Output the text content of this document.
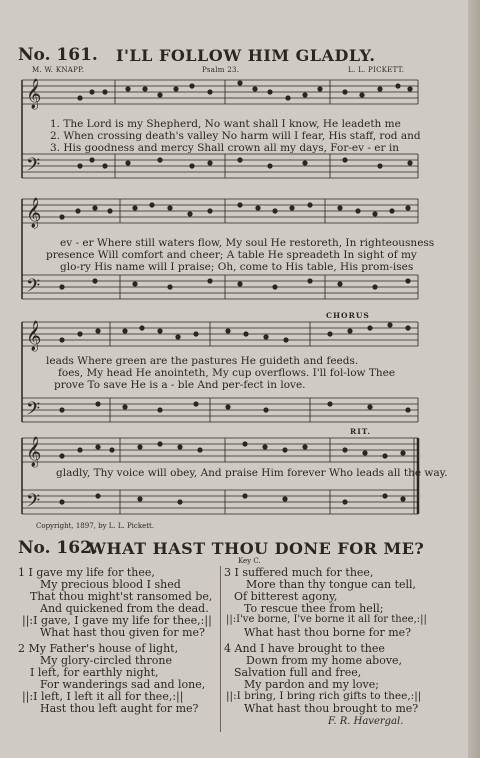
No. 161. I'LL FOLLOW HIM GLADLY.
M. W. KNAPP.	Psalm 23.	L. L. PICKETT.
𝄞
𝄢
1. The Lord is my Shepherd, No want shall I know, He leadeth me
2. When crossing death's valley No harm will I fear, His staff, rod and
3. His goodness and mercy Shall crown all my days, For-ev - er in
𝄞
𝄢
ev - er Where still waters flow, My soul He restoreth, In righteousness
presence Will comfort and cheer; A table He spreadeth In sight of my
glo-ry His name will I praise; Oh, come to His table, His prom-ises
CHORUS
𝄞
𝄢
leads Where green are the pastures He guideth and feeds.
foes, My head He anointeth, My cup overflows. I'll fol-low Thee
prove To save He is a - ble And per-fect in love.
RIT.
𝄞
𝄢
gladly, Thy voice will obey, And praise Him forever Who leads all the way.
Copyright, 1897, by L. L. Pickett.
No. 162.
WHAT HAST THOU DONE FOR ME?
Key C.
1 I gave my life for thee,
My precious blood I shed
That thou might'st ransomed be,
And quickened from the dead.
||:I gave, I gave my life for thee,:||
What hast thou given for me?
2 My Father's house of light,
My glory-circled throne
I left, for earthly night,
For wanderings sad and lone,
||:I left, I left it all for thee,:||
Hast thou left aught for me?
3 I suffered much for thee,
More than thy tongue can tell,
Of bitterest agony,
To rescue thee from hell;
||:I've borne, I've borne it all for thee,:||
What hast thou borne for me?
4 And I have brought to thee
Down from my home above,
Salvation full and free,
My pardon and my love;
||:I bring, I bring rich gifts to thee,:||
What hast thou brought to me?
F. R. Havergal.
